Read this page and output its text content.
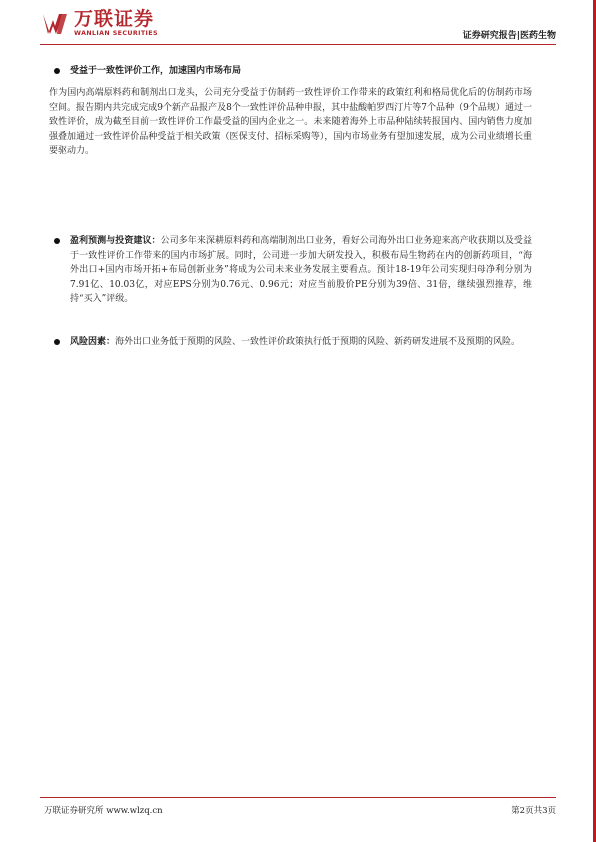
万联证券
WANLIAN SECURITIES	证券研究报告|医药生物
受益于一致性评价工作，加速国内市场布局
作为国内高端原料药和制剂出口龙头，公司充分受益于仿制药一致性评价工作带来的政策红利和格局优化后的仿制药市场空间。报告期内共完成完成9个新产品报产及8个一致性评价品种申报，其中盐酸帕罗西汀片等7个品种（9个品规）通过一致性评价，成为截至目前一致性评价工作最受益的国内企业之一。未来随着海外上市品种陆续转报国内、国内销售力度加强叠加通过一致性评价品种受益于相关政策（医保支付、招标采购等），国内市场业务有望加速发展，成为公司业绩增长重要驱动力。
盈利预测与投资建议：公司多年来深耕原料药和高端制剂出口业务，看好公司海外出口业务迎来高产收获期以及受益于一致性评价工作带来的国内市场扩展。同时，公司进一步加大研发投入，积极布局生物药在内的创新药项目，“海外出口+国内市场开拓+布局创新业务”将成为公司未来业务发展主要看点。预计18-19年公司实现归母净利分别为7.91亿、10.03亿，对应EPS分别为0.76元、0.96元；对应当前股价PE分别为39倍、31倍，继续强烈推荐，维持“买入”评级。
风险因素：海外出口业务低于预期的风险、一致性评价政策执行低于预期的风险、新药研发进展不及预期的风险。
万联证券研究所 www.wlzq.cn	第2页共3页
